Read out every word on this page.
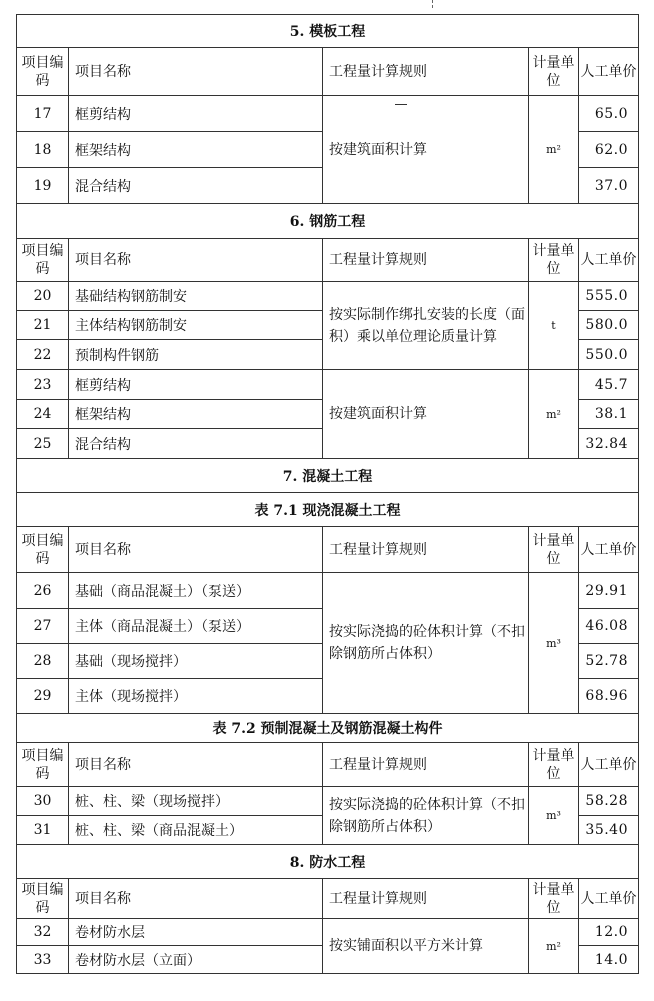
5. 模板工程				
项目编码	项目名称	工程量计算规则	计量单位	人工单价
17	框剪结构	按建筑面积计算	m²	65.0
18	框架结构			62.0
19	混合结构			37.0
6. 钢筋工程				
项目编码	项目名称	工程量计算规则	计量单位	人工单价
20	基础结构钢筋制安	按实际制作绑扎安装的长度（面积）乘以单位理论质量计算	t	555.0
21	主体结构钢筋制安			580.0
22	预制构件钢筋			550.0
23	框剪结构	按建筑面积计算	m²	45.7
24	框架结构			38.1
25	混合结构			32.84
7. 混凝土工程				
表 7.1 现浇混凝土工程				
项目编码	项目名称	工程量计算规则	计量单位	人工单价
26	基础（商品混凝土）（泵送）	按实际浇捣的砼体积计算（不扣除钢筋所占体积）	m³	29.91
27	主体（商品混凝土）（泵送）			46.08
28	基础（现场搅拌）			52.78
29	主体（现场搅拌）			68.96
表 7.2 预制混凝土及钢筋混凝土构件				
项目编码	项目名称	工程量计算规则	计量单位	人工单价
30	桩、柱、梁（现场搅拌）	按实际浇捣的砼体积计算（不扣除钢筋所占体积）	m³	58.28
31	桩、柱、梁（商品混凝土）			35.40
8. 防水工程				
项目编码	项目名称	工程量计算规则	计量单位	人工单价
32	卷材防水层	按实铺面积以平方米计算	m²	12.0
33	卷材防水层（立面）			14.0
